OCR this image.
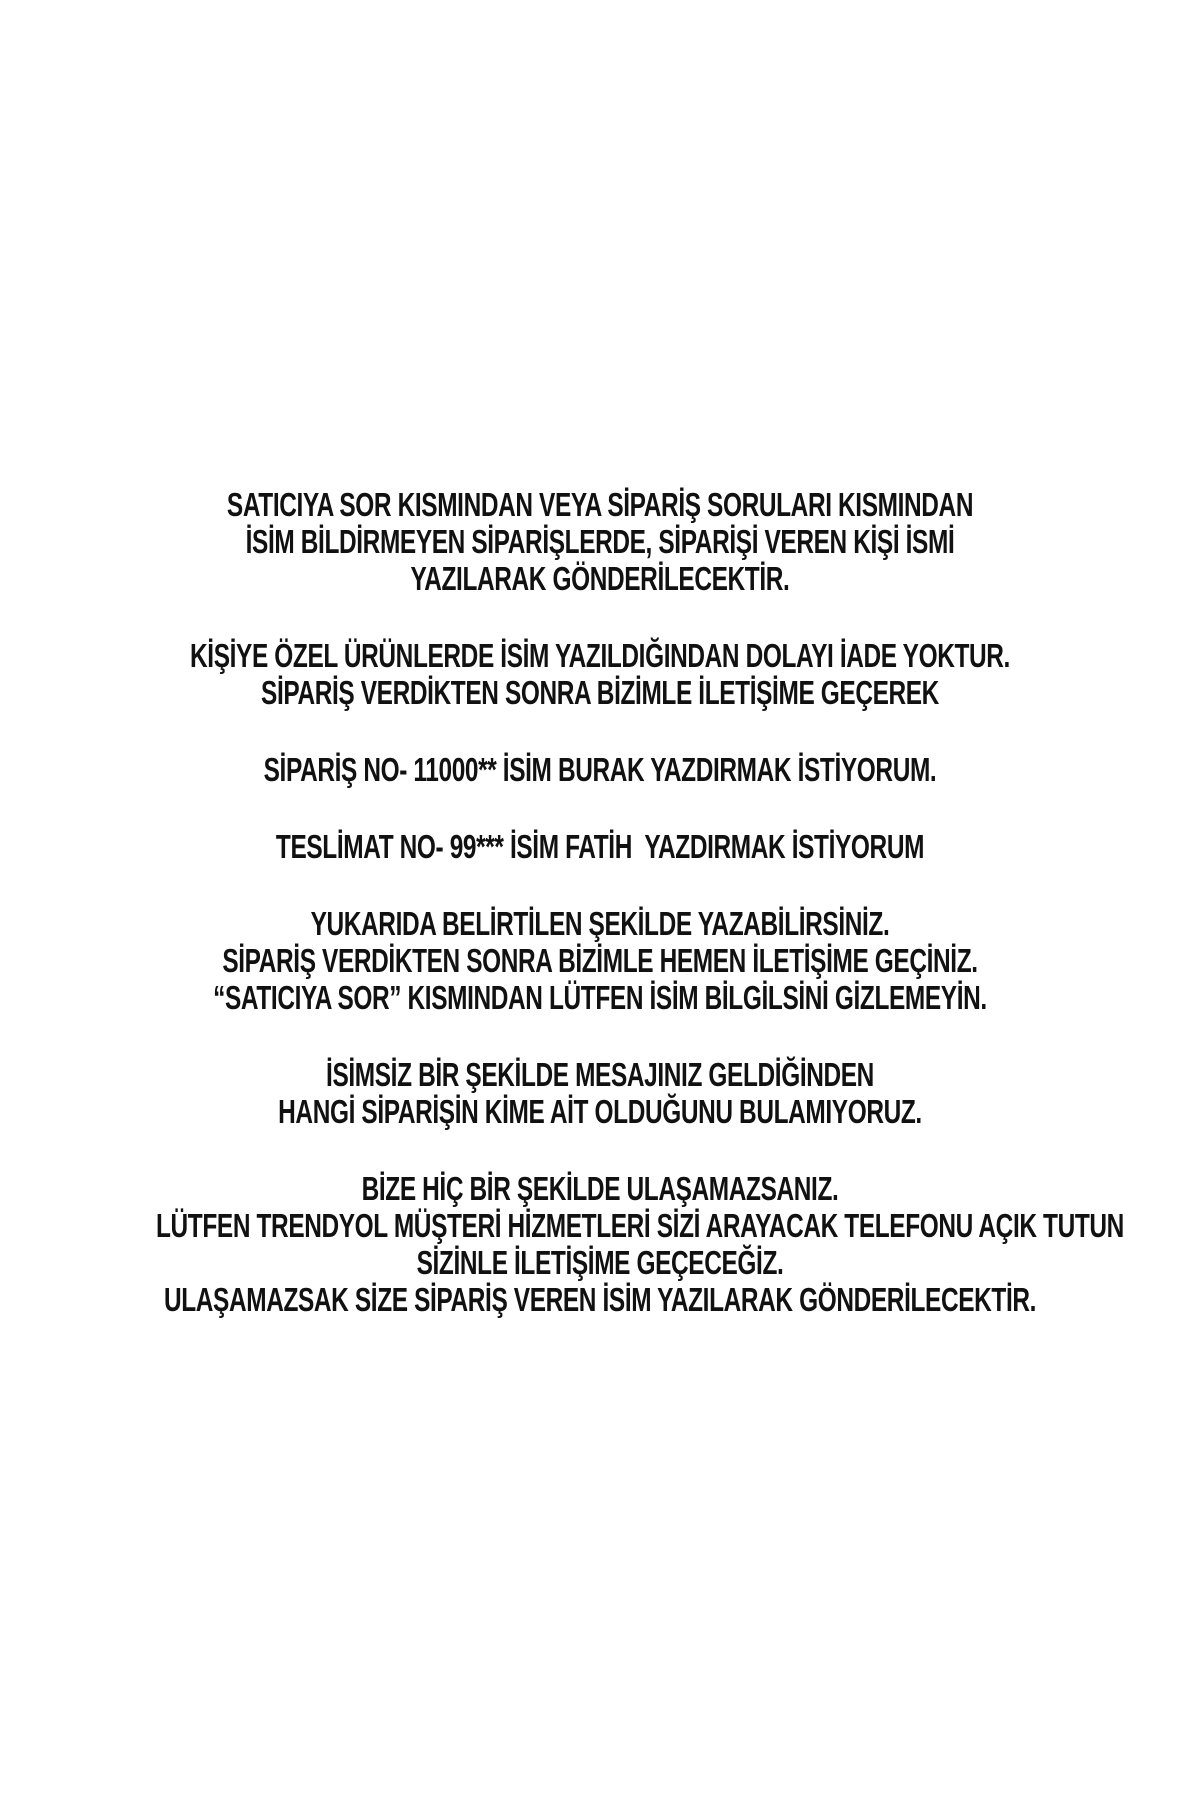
SATICIYA SOR KISMINDAN VEYA SİPARİŞ SORULARI KISMINDAN
İSİM BİLDİRMEYEN SİPARİŞLERDE, SİPARİŞİ VEREN KİŞİ İSMİ
YAZILARAK GÖNDERİLECEKTİR.
KİŞİYE ÖZEL ÜRÜNLERDE İSİM YAZILDIĞINDAN DOLAYI İADE YOKTUR.
SİPARİŞ VERDİKTEN SONRA BİZİMLE İLETİŞİME GEÇEREK
SİPARİŞ NO- 11000** İSİM BURAK YAZDIRMAK İSTİYORUM.
TESLİMAT NO- 99*** İSİM FATİH  YAZDIRMAK İSTİYORUM
YUKARIDA BELİRTİLEN ŞEKİLDE YAZABİLİRSİNİZ.
SİPARİŞ VERDİKTEN SONRA BİZİMLE HEMEN İLETİŞİME GEÇİNİZ.
“SATICIYA SOR” KISMINDAN LÜTFEN İSİM BİLGİLSİNİ GİZLEMEYİN.
İSİMSİZ BİR ŞEKİLDE MESAJINIZ GELDİĞİNDEN
HANGİ SİPARİŞİN KİME AİT OLDUĞUNU BULAMIYORUZ.
BİZE HİÇ BİR ŞEKİLDE ULAŞAMAZSANIZ.
LÜTFEN TRENDYOL MÜŞTERİ HİZMETLERİ SİZİ ARAYACAK TELEFONU AÇIK TUTUN
SİZİNLE İLETİŞİME GEÇECEĞİZ.
ULAŞAMAZSAK SİZE SİPARİŞ VEREN İSİM YAZILARAK GÖNDERİLECEKTİR.
